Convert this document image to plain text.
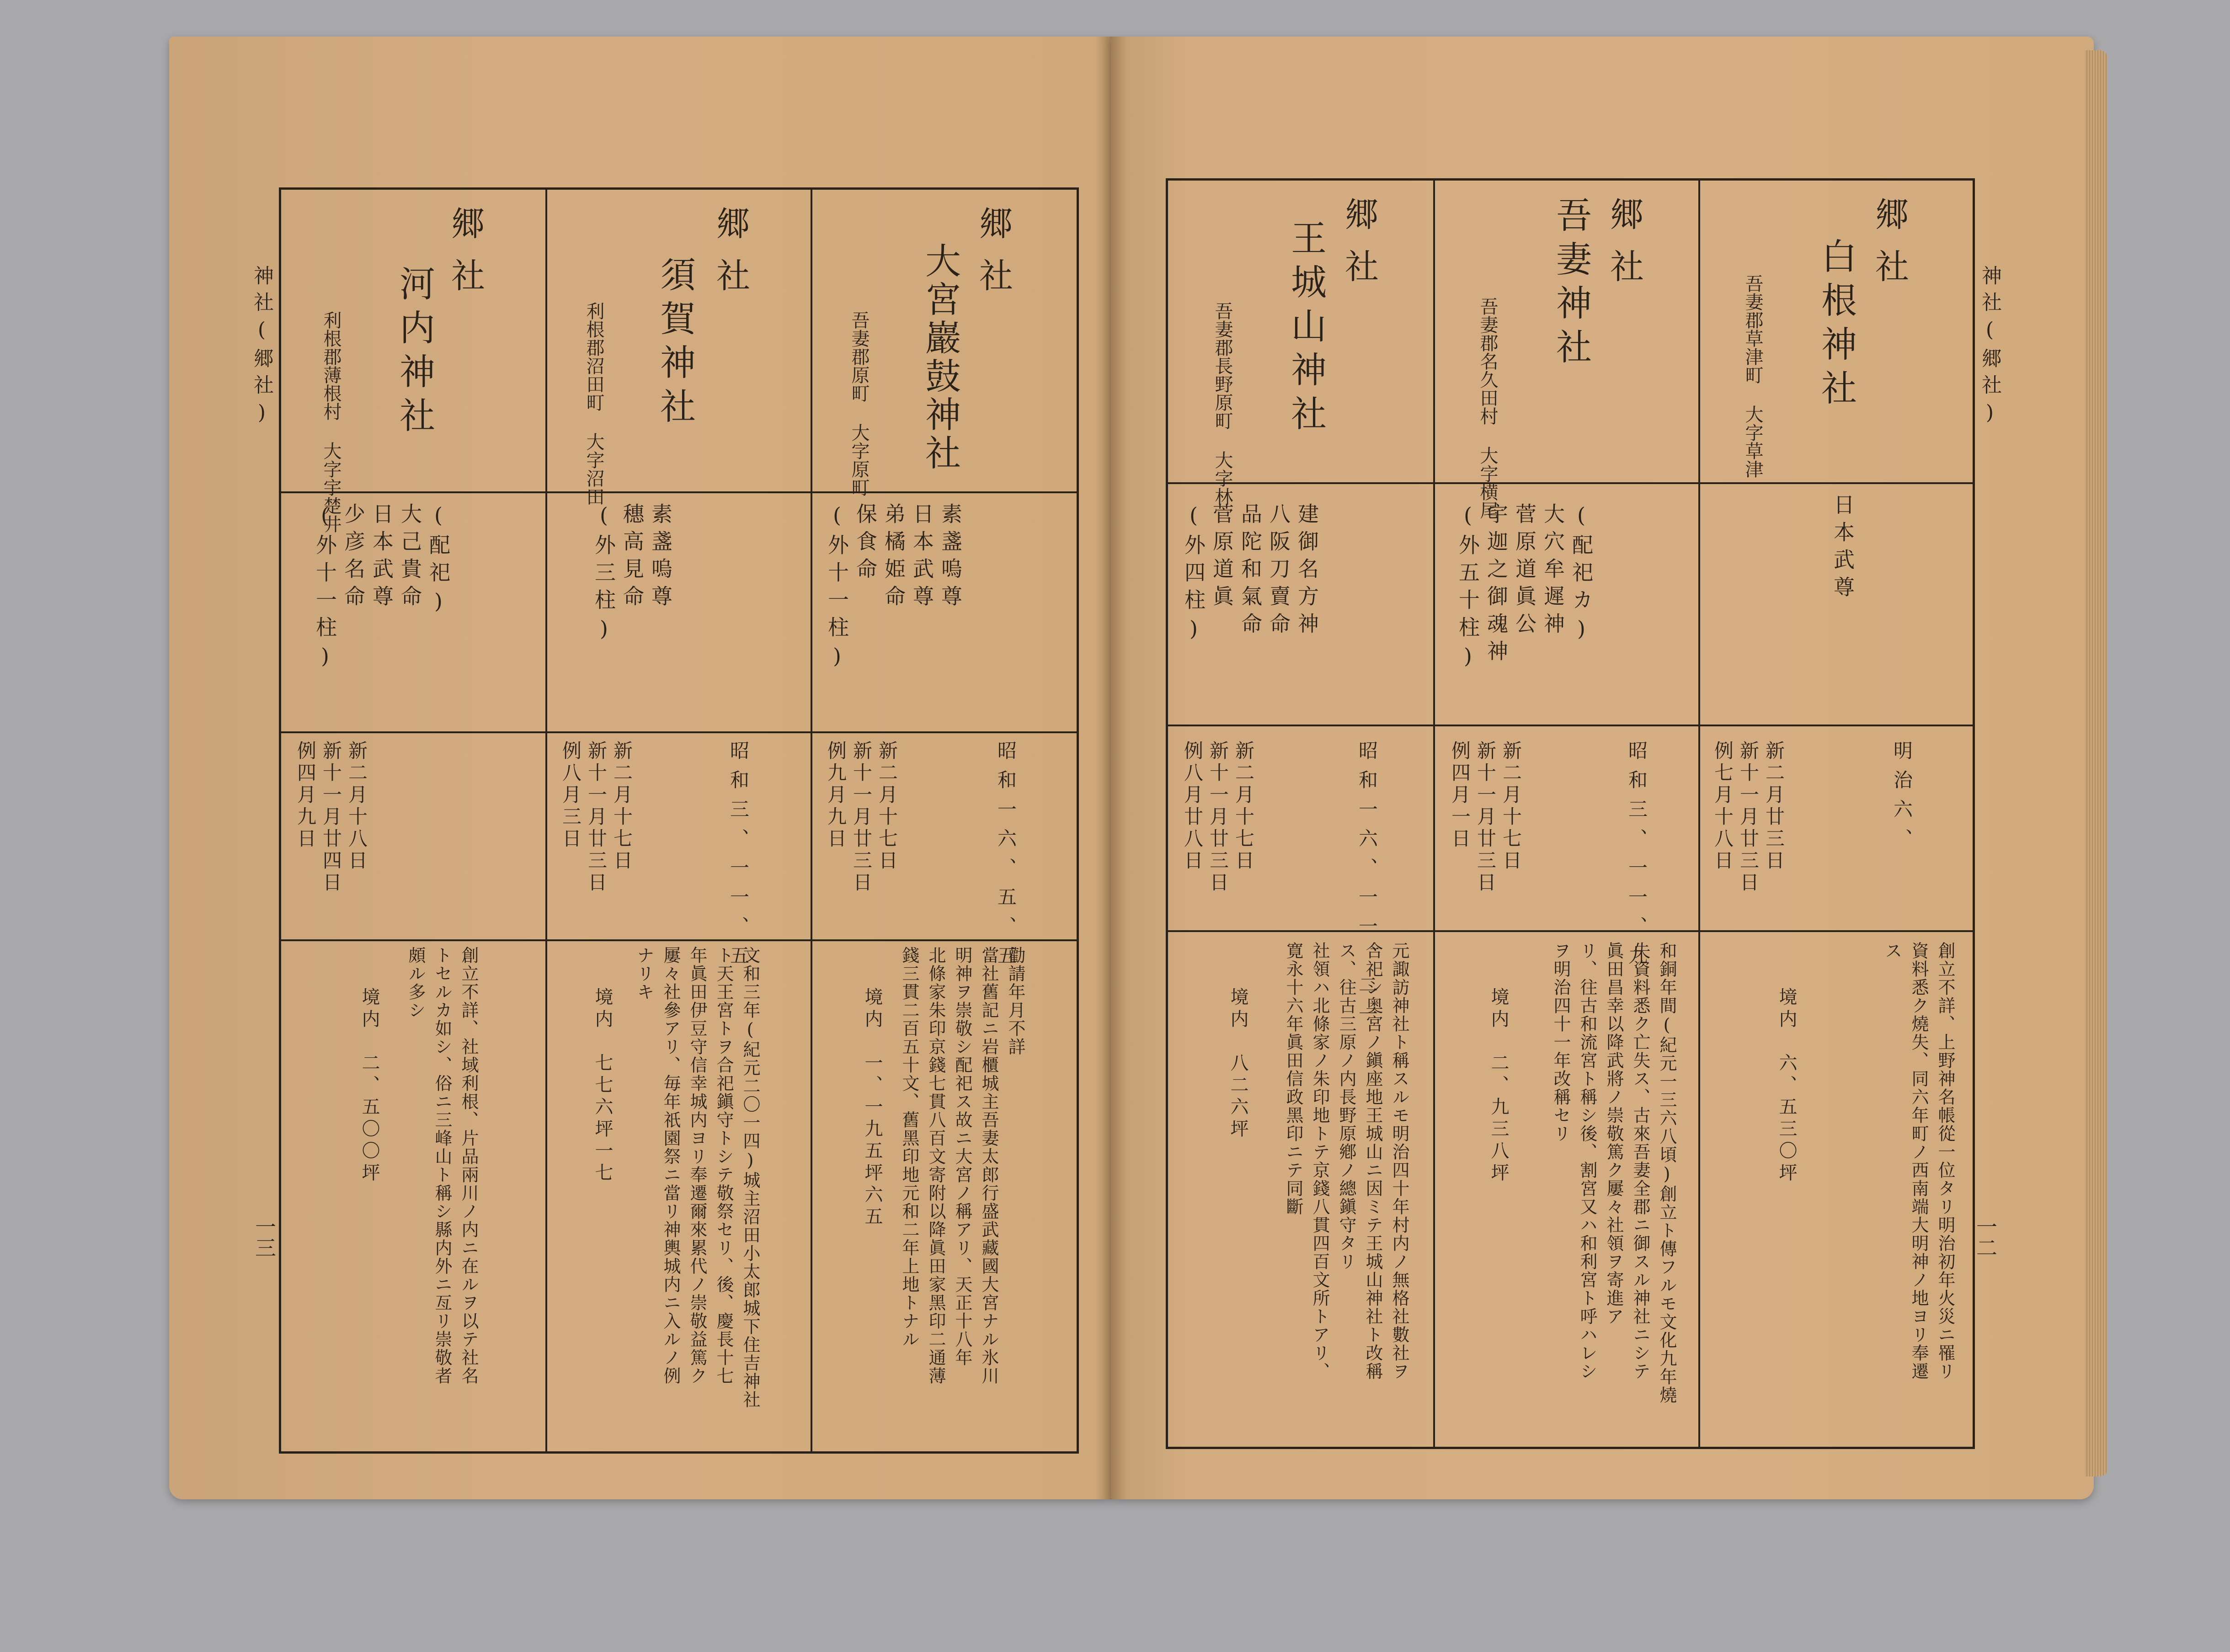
神社(郷社)
一三
神社(郷社)
一二
郷社
大宮巖鼓神社
吾妻郡原町 大字原町
素盞嗚尊
日本武尊
弟橘姫命
保食命
(外十一柱)
昭和一六、五、五
新二月十七日
新十一月廿三日
例九月九日
勸請年月不詳
當社舊記ニ岩櫃城主吾妻太郎行盛武藏國大宮ナル氷川
明神ヲ崇敬シ配祀ス故ニ大宮ノ稱アリ、天正十八年
北條家朱印京錢七貫八百文寄附以降眞田家黑印二通薄
錢三貫二百五十文、舊黑印地元和二年上地トナル
境内　一、一九五坪六五
郷社
須賀神社
利根郡沼田町 大字沼田
素盞嗚尊
穗高見命
(外三柱)
昭和三、一一、五
新二月十七日
新十一月廿三日
例八月三日
文和三年(紀元二〇一四)城主沼田小太郎城下住吉神社
ト天王宮トヲ合祀鎭守トシテ敬祭セリ、後、慶長十七
年眞田伊豆守信幸城内ヨリ奉遷爾來累代ノ崇敬益篤ク
屢々社參アリ、毎年祇園祭ニ當リ神輿城内ニ入ルノ例
ナリキ
境内　七七六坪一七
郷社
河内神社
利根郡薄根村 大字宇楚井
(配祀)
大己貴命
日本武尊
少彦名命
(外十一柱)
新二月十八日
新十一月廿四日
例四月九日
創立不詳、社域利根、片品兩川ノ内ニ在ルヲ以テ社名
トセルカ如シ、俗ニ三峰山ト稱シ縣内外ニ亙リ崇敬者
頗ル多シ
境内　二、五〇〇坪
郷社
白根神社
吾妻郡草津町 大字草津
日本武尊
明治六、
新二月廿三日
新十一月廿三日
例七月十八日
創立不詳、上野神名帳從一位タリ明治初年火災ニ罹リ
資料悉ク燒失、同六年町ノ西南端大明神ノ地ヨリ奉遷
ス
境内　六、五三〇坪
郷社
吾妻神社
吾妻郡名久田村 大字横尾
(配祀カ)
大穴牟遲神
菅原道眞公
宇迦之御魂神
(外五十柱)
昭和三、一一、九
新二月十七日
新十一月廿三日
例四月一日
和銅年間(紀元一三六八頃)創立ト傳フルモ文化九年燒
失資料悉ク亡失ス、古來吾妻全郡ニ御スル神社ニシテ
眞田昌幸以降武將ノ崇敬篤ク屢々社領ヲ寄進ア
リ、往古和流宮ト稱シ後、割宮又ハ和利宮ト呼ハレシ
ヲ明治四十一年改稱セリ
境内　二、九三八坪
郷社
王城山神社
吾妻郡長野原町 大字林
建御名方神
八阪刀賣命
品陀和氣命
菅原道眞
(外四柱)
昭和一六、一一、二一
新二月十七日
新十一月廿三日
例八月廿八日
元諏訪神社ト稱スルモ明治四十年村内ノ無格社數社ヲ
合祀シ奥宮ノ鎭座地王城山ニ因ミテ王城山神社ト改稱
ス、往古三原ノ内長野原鄕ノ總鎭守タリ
社領ハ北條家ノ朱印地トテ京錢八貫四百文所トアリ、
寛永十六年眞田信政黑印ニテ同斷
境内　八二六坪
